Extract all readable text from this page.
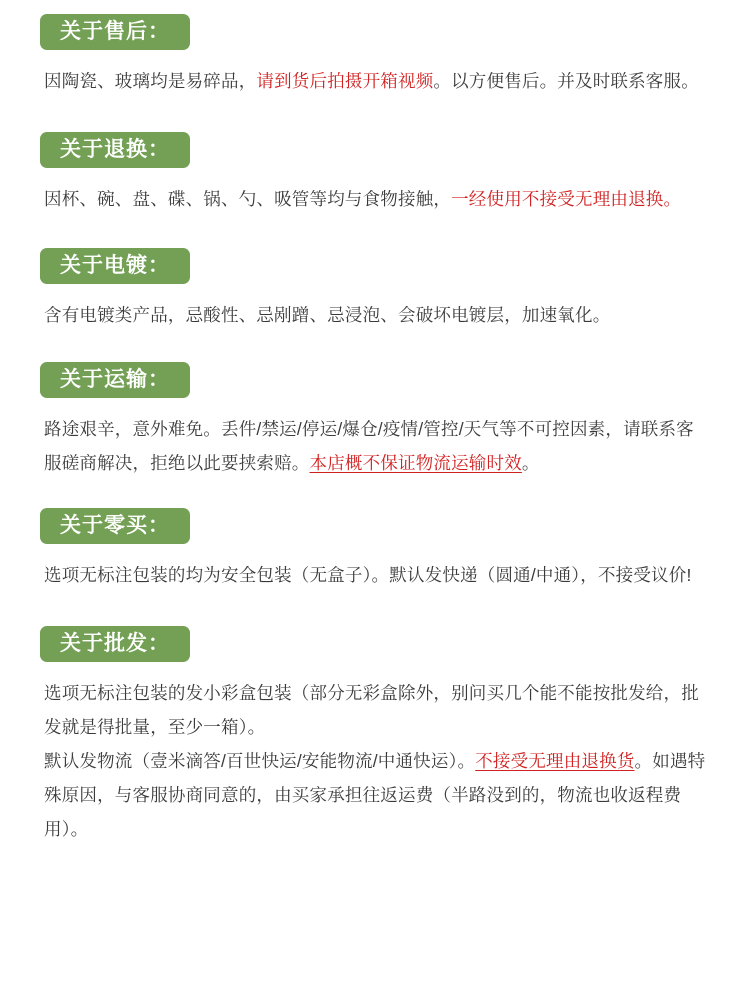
关于售后：

因陶瓷、玻璃均是易碎品，请到货后拍摄开箱视频。以方便售后。并及时联系客服。

关于退换：

因杯、碗、盘、碟、锅、勺、吸管等均与食物接触，一经使用不接受无理由退换。

关于电镀：

含有电镀类产品，忌酸性、忌剐蹭、忌浸泡、会破坏电镀层，加速氧化。

关于运输：

路途艰辛，意外难免。丢件/禁运/停运/爆仓/疫情/管控/天气等不可控因素，请联系客服磋商解决，拒绝以此要挟索赔。本店概不保证物流运输时效。

关于零买：

选项无标注包装的均为安全包装（无盒子）。默认发快递（圆通/中通），不接受议价!

关于批发：

选项无标注包装的发小彩盒包装（部分无彩盒除外，别问买几个能不能按批发给，批发就是得批量，至少一箱）。

默认发物流（壹米滴答/百世快运/安能物流/中通快运）。不接受无理由退换货。如遇特殊原因，与客服协商同意的，由买家承担往返运费（半路没到的，物流也收返程费用）。
